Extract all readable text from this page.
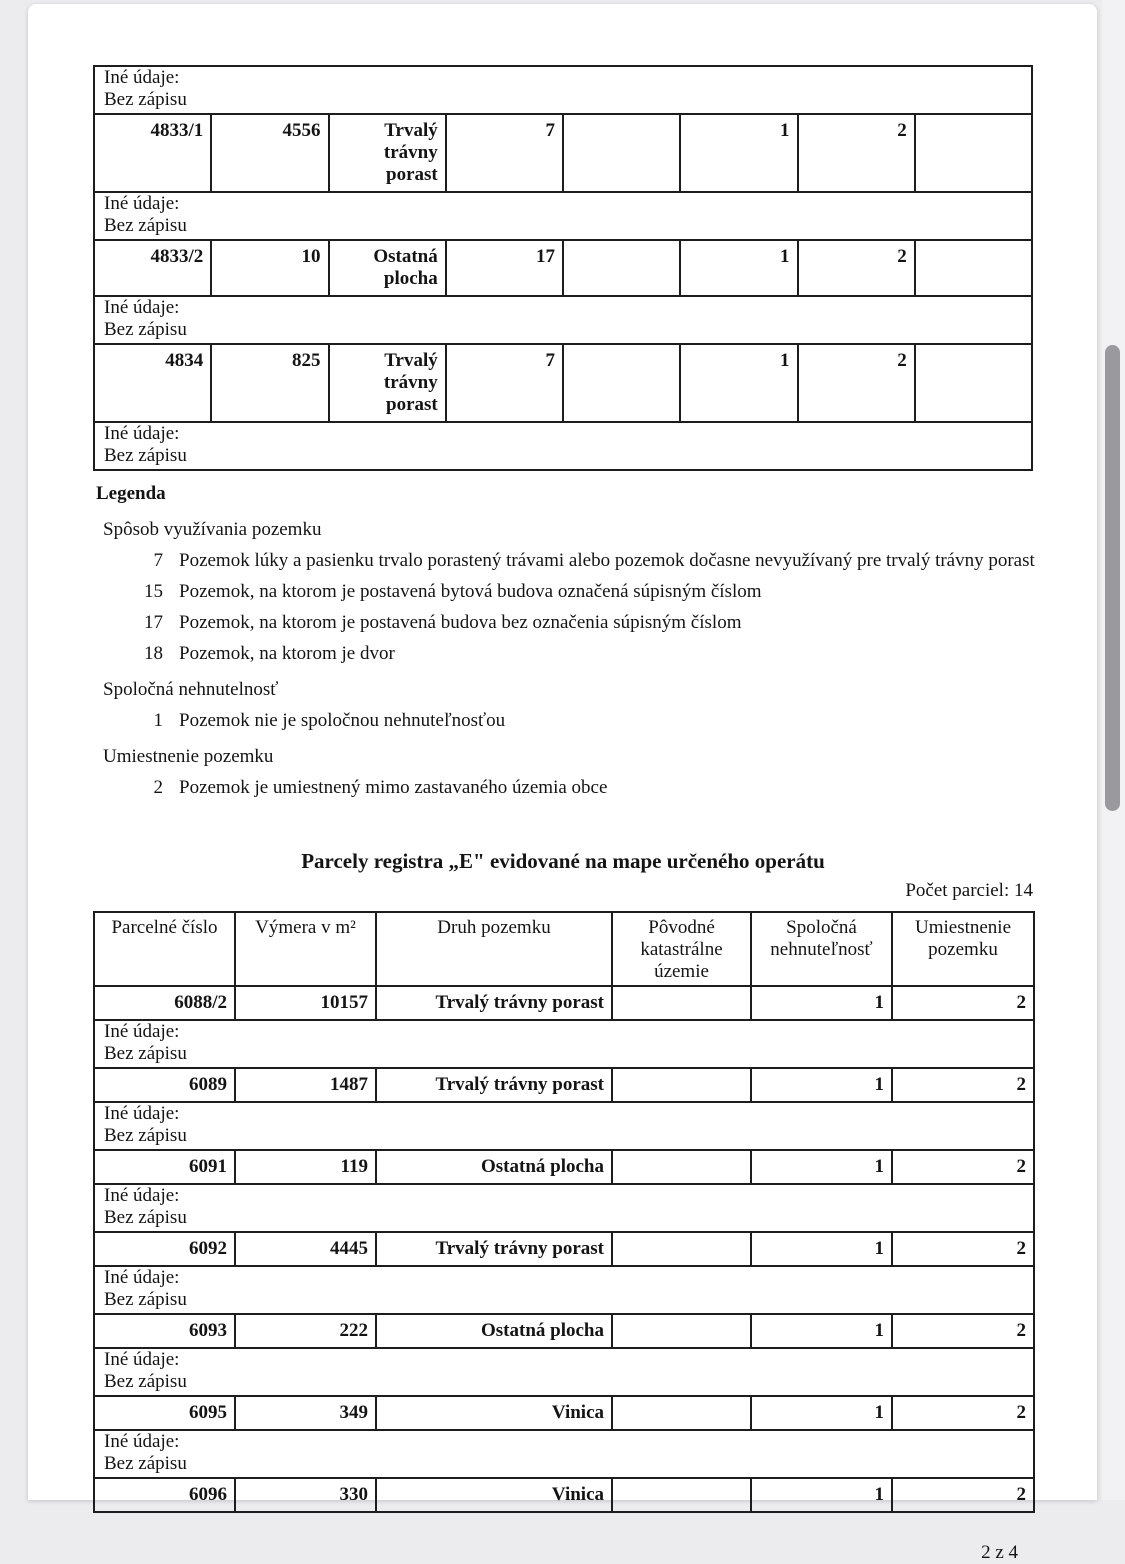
Iné údaje:
Bez zápisu							

4833/1	4556	Trvalý trávny porast	7		1	2	

Iné údaje:
Bez zápisu							

4833/2	10	Ostatná plocha	17		1	2	

Iné údaje:
Bez zápisu							

4834	825	Trvalý trávny porast	7		1	2	

Iné údaje:
Bez zápisu							
Legenda
Spôsob využívania pozemku
7 Pozemok lúky a pasienku trvalo porastený trávami alebo pozemok dočasne nevyužívaný pre trvalý trávny porast
15 Pozemok, na ktorom je postavená bytová budova označená súpisným číslom
17 Pozemok, na ktorom je postavená budova bez označenia súpisným číslom
18 Pozemok, na ktorom je dvor
Spoločná nehnutelnosť
1 Pozemok nie je spoločnou nehnuteľnosťou
Umiestnenie pozemku
2 Pozemok je umiestnený mimo zastavaného územia obce
Parcely registra „E" evidované na mape určeného operátu
Počet parciel: 14
Parcelné číslo	Výmera v m²	Druh pozemku	Pôvodné katastrálne územie	Spoločná nehnuteľnosť	Umiestnenie pozemku
6088/2	10157	Trvalý trávny porast		1	2

Iné údaje:
Bez zápisu					

6089	1487	Trvalý trávny porast		1	2

Iné údaje:
Bez zápisu					

6091	119	Ostatná plocha		1	2

Iné údaje:
Bez zápisu					

6092	4445	Trvalý trávny porast		1	2

Iné údaje:
Bez zápisu					

6093	222	Ostatná plocha		1	2

Iné údaje:
Bez zápisu					

6095	349	Vinica		1	2

Iné údaje:
Bez zápisu					

6096	330	Vinica		1	2
2 z 4
